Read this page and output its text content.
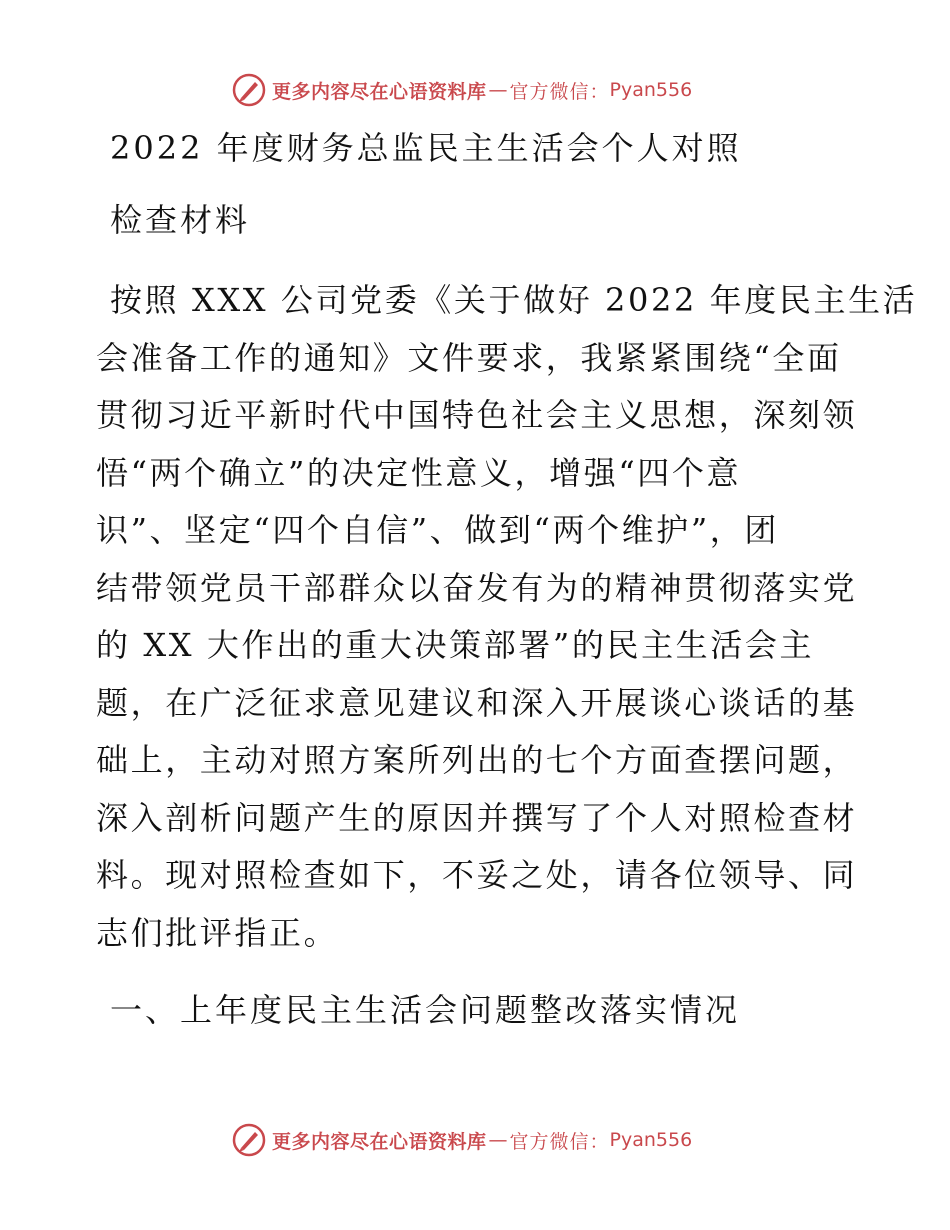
更多内容尽在心语资料库 — 官方微信： Pyan556
2022 年度财务总监民主生活会个人对照
检查材料
按照 XXX 公司党委《关于做好 2022 年度民主生活
会准备工作的通知》文件要求，我紧紧围绕“全面
贯彻习近平新时代中国特色社会主义思想，深刻领
悟“两个确立”的决定性意义，增强“四个意
识”、坚定“四个自信”、做到“两个维护”，团
结带领党员干部群众以奋发有为的精神贯彻落实党
的 XX 大作出的重大决策部署”的民主生活会主
题，在广泛征求意见建议和深入开展谈心谈话的基
础上，主动对照方案所列出的七个方面查摆问题，
深入剖析问题产生的原因并撰写了个人对照检查材
料。现对照检查如下，不妥之处，请各位领导、同
志们批评指正。
一、上年度民主生活会问题整改落实情况
更多内容尽在心语资料库 — 官方微信： Pyan556
